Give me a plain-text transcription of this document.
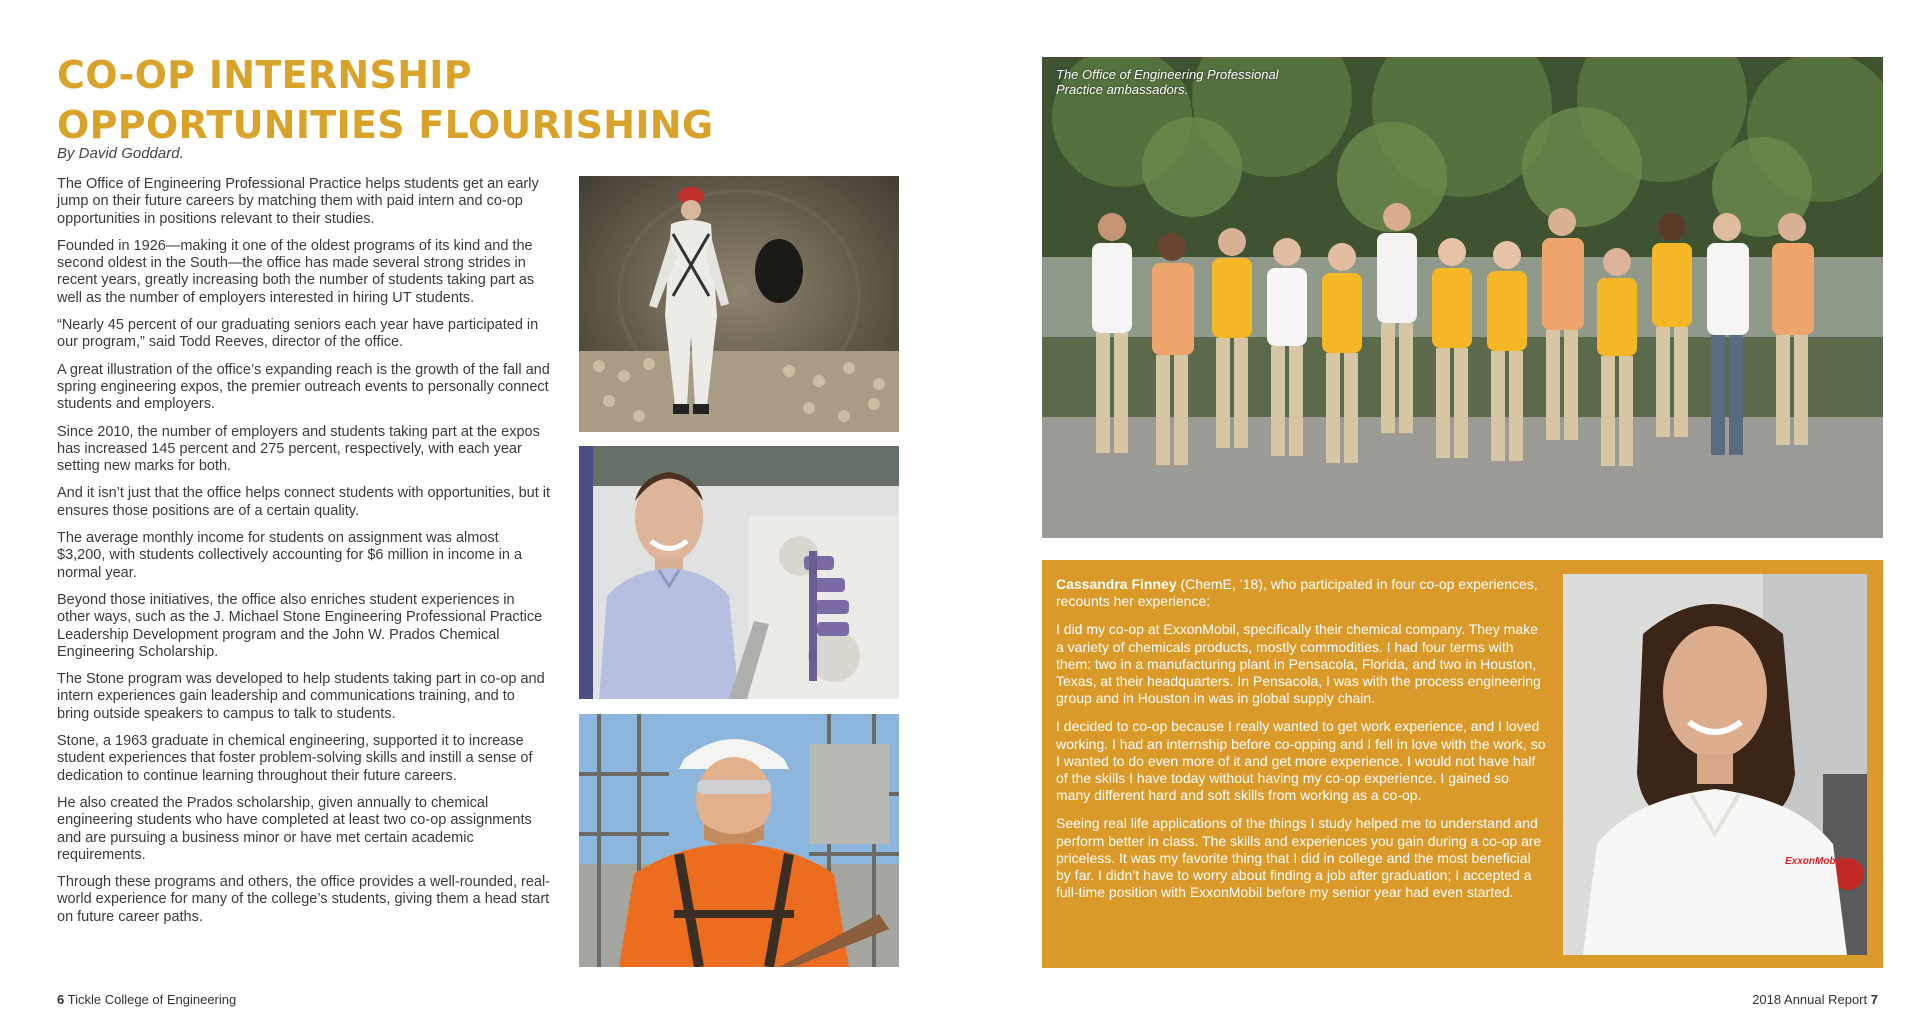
CO-OP INTERNSHIP
OPPORTUNITIES FLOURISHING
By David Goddard.

The Office of Engineering Professional Practice helps students get an early jump on their future careers by matching them with paid intern and co-op opportunities in positions relevant to their studies.

Founded in 1926—making it one of the oldest programs of its kind and the second oldest in the South—the office has made several strong strides in recent years, greatly increasing both the number of students taking part as well as the number of employers interested in hiring UT students.

“Nearly 45 percent of our graduating seniors each year have participated in our program,” said Todd Reeves, director of the office.

A great illustration of the office’s expanding reach is the growth of the fall and spring engineering expos, the premier outreach events to personally connect students and employers.

Since 2010, the number of employers and students taking part at the expos has increased 145 percent and 275 percent, respectively, with each year setting new marks for both.

And it isn’t just that the office helps connect students with opportunities, but it ensures those positions are of a certain quality.

The average monthly income for students on assignment was almost $3,200, with students collectively accounting for $6 million in income in a normal year.

Beyond those initiatives, the office also enriches student experiences in other ways, such as the J. Michael Stone Engineering Professional Practice Leadership Development program and the John W. Prados Chemical Engineering Scholarship.

The Stone program was developed to help students taking part in co-op and intern experiences gain leadership and communications training, and to bring outside speakers to campus to talk to students.

Stone, a 1963 graduate in chemical engineering, supported it to increase student experiences that foster problem-solving skills and instill a sense of dedication to continue learning throughout their future careers.

He also created the Prados scholarship, given annually to chemical engineering students who have completed at least two co-op assignments and are pursuing a business minor or have met certain academic requirements.

Through these programs and others, the office provides a well-rounded, real-world experience for many of the college’s students, giving them a head start on future career paths.

The Office of Engineering Professional
Practice ambassadors.

Cassandra Finney (ChemE, ’18), who participated in four co-op experiences, recounts her experience:

I did my co-op at ExxonMobil, specifically their chemical company. They make a variety of chemicals products, mostly commodities. I had four terms with them: two in a manufacturing plant in Pensacola, Florida, and two in Houston, Texas, at their headquarters. In Pensacola, I was with the process engineering group and in Houston in was in global supply chain.

I decided to co-op because I really wanted to get work experience, and I loved working. I had an internship before co-opping and I fell in love with the work, so I wanted to do even more of it and get more experience. I would not have half of the skills I have today without having my co-op experience. I gained so many different hard and soft skills from working as a co-op.

Seeing real life applications of the things I study helped me to understand and perform better in class. The skills and experiences you gain during a co-op are priceless. It was my favorite thing that I did in college and the most beneficial by far. I didn’t have to worry about finding a job after graduation; I accepted a full-time position with ExxonMobil before my senior year had even started.

ExxonMobil
6 Tickle College of Engineering	2018 Annual Report 7
